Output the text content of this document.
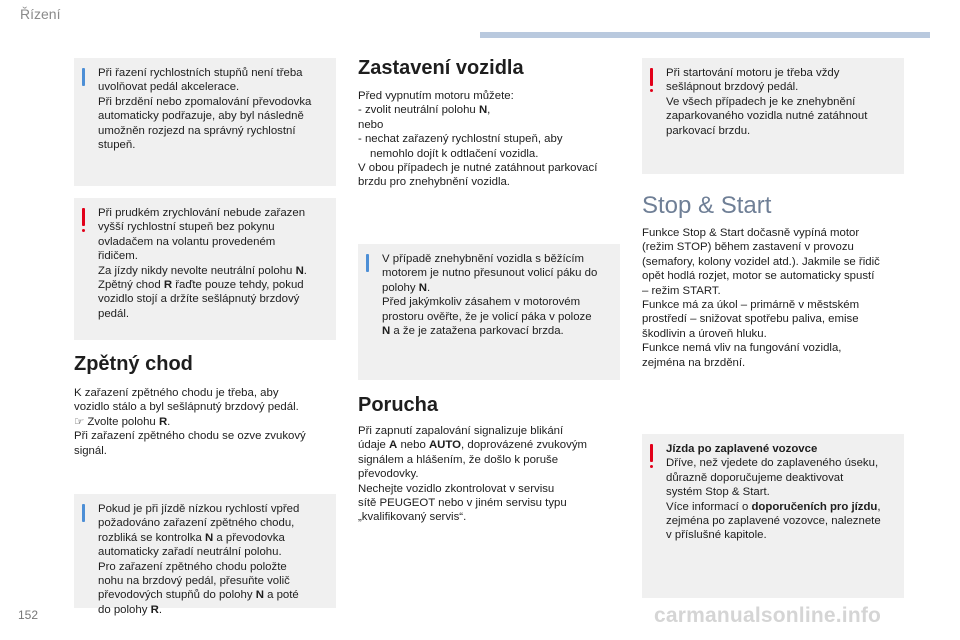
Řízení
Při řazení rychlostních stupňů není třeba
uvolňovat pedál akcelerace.
Při brzdění nebo zpomalování převodovka
automaticky podřazuje, aby byl následně
umožněn rozjezd na správný rychlostní
stupeň.
Při prudkém zrychlování nebude zařazen
vyšší rychlostní stupeň bez pokynu
ovladačem na volantu provedeném
řidičem.
Za jízdy nikdy nevolte neutrální polohu N.
Zpětný chod R řaďte pouze tehdy, pokud
vozidlo stojí a držíte sešlápnutý brzdový
pedál.
Zpětný chod
K zařazení zpětného chodu je třeba, aby
vozidlo stálo a byl sešlápnutý brzdový pedál.
☞ Zvolte polohu R.
Při zařazení zpětného chodu se ozve zvukový
signál.
Pokud je při jízdě nízkou rychlostí vpřed
požadováno zařazení zpětného chodu,
rozbliká se kontrolka N a převodovka
automaticky zařadí neutrální polohu.
Pro zařazení zpětného chodu položte
nohu na brzdový pedál, přesuňte volič
převodových stupňů do polohy N a poté
do polohy R.
Zastavení vozidla
Před vypnutím motoru můžete:
- zvolit neutrální polohu N,
nebo
- nechat zařazený rychlostní stupeň, aby
nemohlo dojít k odtlačení vozidla.
V obou případech je nutné zatáhnout parkovací
brzdu pro znehybnění vozidla.
V případě znehybnění vozidla s běžícím
motorem je nutno přesunout volicí páku do
polohy N.
Před jakýmkoliv zásahem v motorovém
prostoru ověřte, že je volicí páka v poloze
N a že je zatažena parkovací brzda.
Porucha
Při zapnutí zapalování signalizuje blikání
údaje A nebo AUTO, doprovázené zvukovým
signálem a hlášením, že došlo k poruše
převodovky.
Nechejte vozidlo zkontrolovat v servisu
sítě PEUGEOT nebo v jiném servisu typu
„kvalifikovaný servis“.
Při startování motoru je třeba vždy
sešlápnout brzdový pedál.
Ve všech případech je ke znehybnění
zaparkovaného vozidla nutné zatáhnout
parkovací brzdu.
Stop & Start
Funkce Stop & Start dočasně vypíná motor
(režim STOP) během zastavení v provozu
(semafory, kolony vozidel atd.). Jakmile se řidič
opět hodlá rozjet, motor se automaticky spustí
– režim START.
Funkce má za úkol – primárně v městském
prostředí – snižovat spotřebu paliva, emise
škodlivin a úroveň hluku.
Funkce nemá vliv na fungování vozidla,
zejména na brzdění.
Jízda po zaplavené vozovce
Dříve, než vjedete do zaplaveného úseku,
důrazně doporučujeme deaktivovat
systém Stop & Start.
Více informací o doporučeních pro jízdu,
zejména po zaplavené vozovce, naleznete
v příslušné kapitole.
152	carmanualsonline.info
